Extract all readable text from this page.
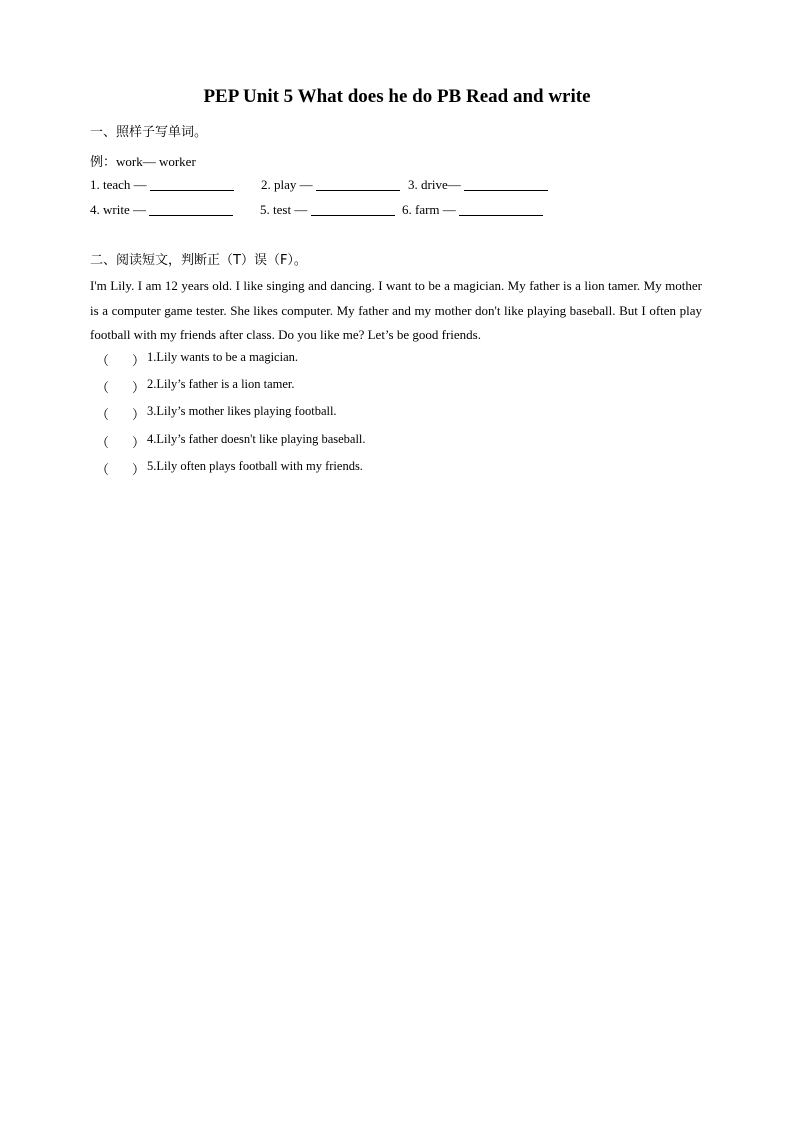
PEP Unit 5 What does he do PB Read and write
一、照样子写单词。
例：work— worker
1. teach —	2. play —	3. drive—
4. write —	5. test —	6. farm —
二、阅读短文，判断正（T）误（F）。
I'm Lily. I am 12 years old. I like singing and dancing. I want to be a magician. My father is a lion tamer. My mother is a computer game tester. She likes computer. My father and my mother don't like playing baseball. But I often play football with my friends after class. Do you like me? Let’s be good friends.
（	） 1.Lily wants to be a magician.
（ ） 2.Lily’s father is a lion tamer.
（ ） 3.Lily’s mother likes playing football.
（ ） 4.Lily’s father doesn't like playing baseball.
（ ） 5.Lily often plays football with my friends.
